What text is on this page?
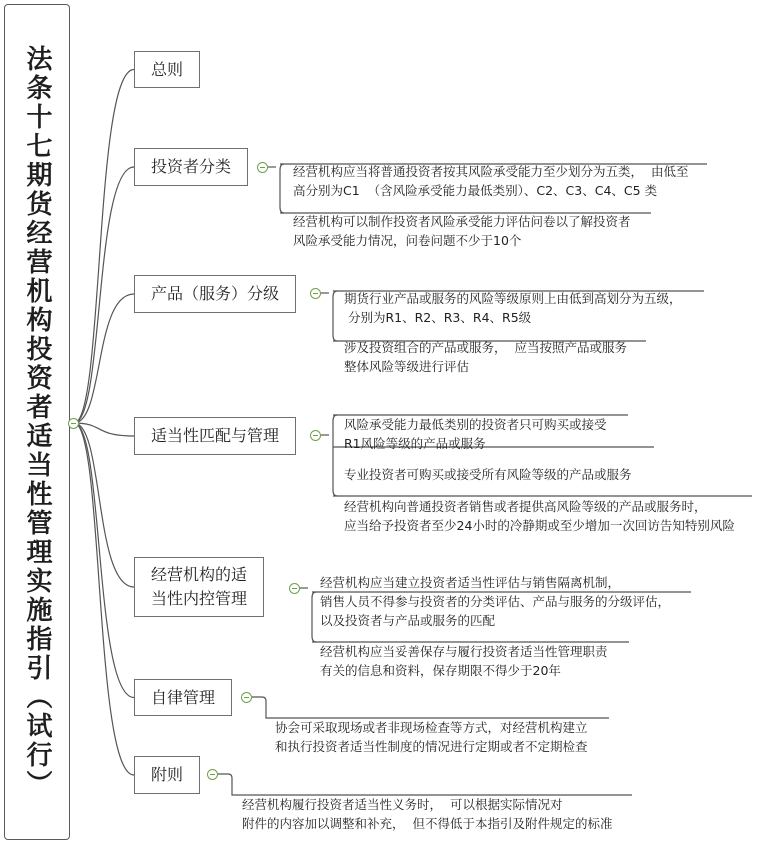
法条十七期货经营机构投资者适当性管理实施指引（试行）	总则
投资者分类

	经营机构应当将普通投资者按其风险承受能力至少划分为五类，  由低至
高分别为C1  （含风险承受能力最低类别）、C2、C3、C4、C5 类

经营机构可以制作投资者风险承受能力评估问卷以了解投资者
风险承受能力情况，问卷问题不少于10个

产品（服务）分级

	期货行业产品或服务的风险等级原则上由低到高划分为五级，
分别为R1、R2、R3、R4、R5级

涉及投资组合的产品或服务，  应当按照产品或服务
整体风险等级进行评估

适当性匹配与管理

风险承受能力最低类别的投资者只可购买或接受
R1风险等级的产品或服务

专业投资者可购买或接受所有风险等级的产品或服务

经营机构向普通投资者销售或者提供高风险等级的产品或服务时，
应当给予投资者至少24小时的冷静期或至少增加一次回访告知特别风险

经营机构的适
当性内控管理

经营机构应当建立投资者适当性评估与销售隔离机制，
销售人员不得参与投资者的分类评估、产品与服务的分级评估，
以及投资者与产品或服务的匹配

经营机构应当妥善保存与履行投资者适当性管理职责
有关的信息和资料，保存期限不得少于20年

自律管理

协会可采取现场或者非现场检查等方式，对经营机构建立
和执行投资者适当性制度的情况进行定期或者不定期检查

附则

经营机构履行投资者适当性义务时，  可以根据实际情况对
附件的内容加以调整和补充，  但不得低于本指引及附件规定的标准
